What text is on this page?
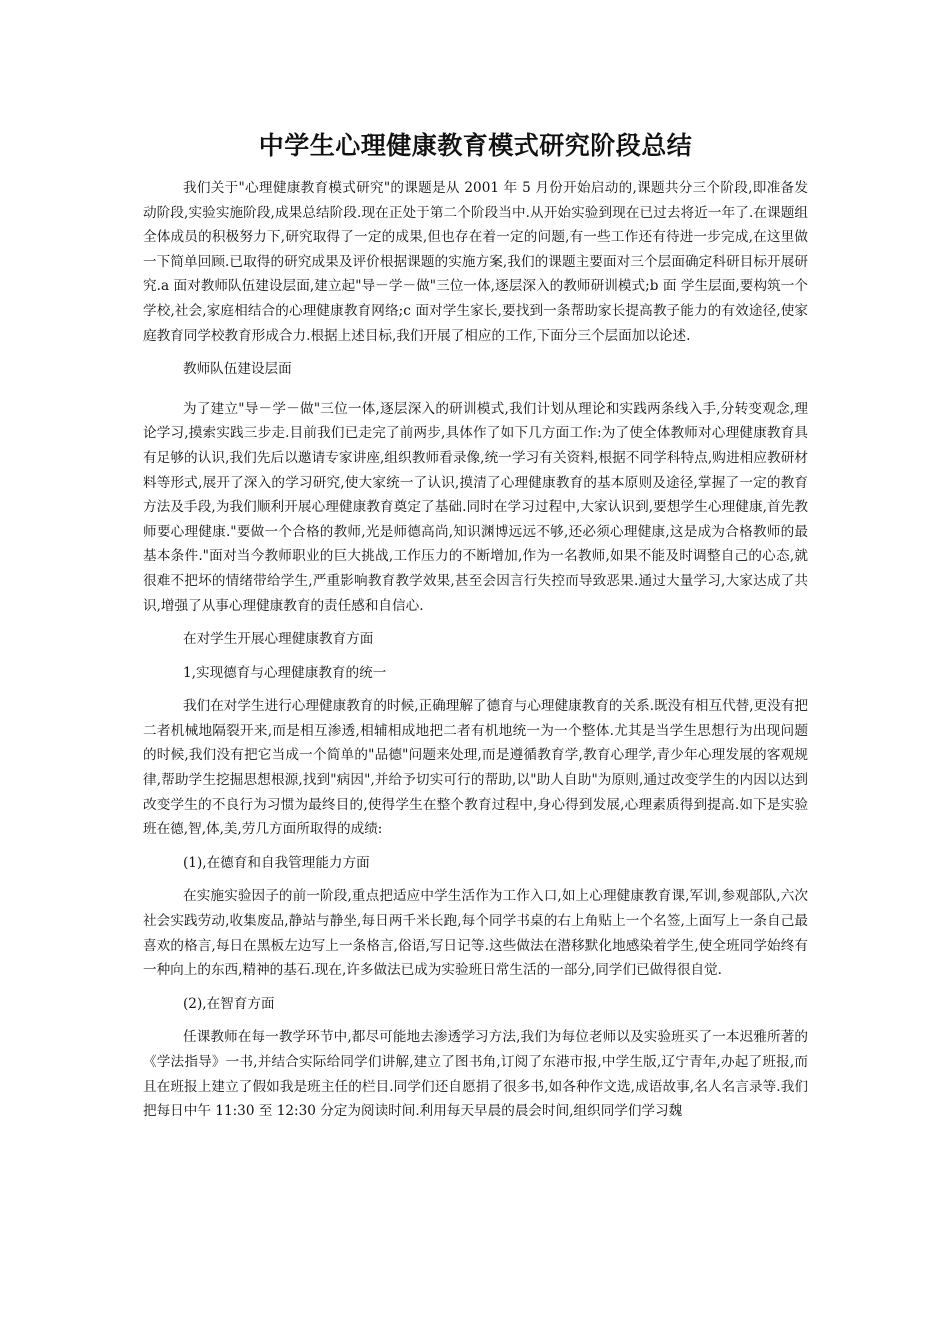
中学生心理健康教育模式研究阶段总结

我们关于"心理健康教育模式研究"的课题是从 2001 年 5 月份开始启动的,课题共分三个阶段,即准备发动阶段,实验实施阶段,成果总结阶段.现在正处于第二个阶段当中.从开始实验到现在已过去将近一年了.在课题组全体成员的积极努力下,研究取得了一定的成果,但也存在着一定的问题,有一些工作还有待进一步完成,在这里做一下简单回顾.已取得的研究成果及评价根据课题的实施方案,我们的课题主要面对三个层面确定科研目标开展研究.a 面对教师队伍建设层面,建立起"导－学－做"三位一体,逐层深入的教师研训模式;b 面 学生层面,要构筑一个学校,社会,家庭相结合的心理健康教育网络;c 面对学生家长,要找到一条帮助家长提高教子能力的有效途径,使家庭教育同学校教育形成合力.根据上述目标,我们开展了相应的工作,下面分三个层面加以论述.

教师队伍建设层面

为了建立"导－学－做"三位一体,逐层深入的研训模式,我们计划从理论和实践两条线入手,分转变观念,理论学习,摸索实践三步走.目前我们已走完了前两步,具体作了如下几方面工作:为了使全体教师对心理健康教育具有足够的认识,我们先后以邀请专家讲座,组织教师看录像,统一学习有关资料,根据不同学科特点,购进相应教研材料等形式,展开了深入的学习研究,使大家统一了认识,摸清了心理健康教育的基本原则及途径,掌握了一定的教育方法及手段,为我们顺利开展心理健康教育奠定了基础.同时在学习过程中,大家认识到,要想学生心理健康,首先教师要心理健康."要做一个合格的教师,光是师德高尚,知识渊博远远不够,还必须心理健康,这是成为合格教师的最基本条件."面对当今教师职业的巨大挑战,工作压力的不断增加,作为一名教师,如果不能及时调整自己的心态,就很难不把坏的情绪带给学生,严重影响教育教学效果,甚至会因言行失控而导致恶果.通过大量学习,大家达成了共识,增强了从事心理健康教育的责任感和自信心.

在对学生开展心理健康教育方面

1,实现德育与心理健康教育的统一

我们在对学生进行心理健康教育的时候,正确理解了德育与心理健康教育的关系.既没有相互代替,更没有把二者机械地隔裂开来,而是相互渗透,相辅相成地把二者有机地统一为一个整体.尤其是当学生思想行为出现问题的时候,我们没有把它当成一个简单的"品德"问题来处理,而是遵循教育学,教育心理学,青少年心理发展的客观规律,帮助学生挖掘思想根源,找到"病因",并给予切实可行的帮助,以"助人自助"为原则,通过改变学生的内因以达到改变学生的不良行为习惯为最终目的,使得学生在整个教育过程中,身心得到发展,心理素质得到提高.如下是实验班在德,智,体,美,劳几方面所取得的成绩:

(1),在德育和自我管理能力方面

在实施实验因子的前一阶段,重点把适应中学生活作为工作入口,如上心理健康教育课,军训,参观部队,六次社会实践劳动,收集废品,静站与静坐,每日两千米长跑,每个同学书桌的右上角贴上一个名签,上面写上一条自己最喜欢的格言,每日在黑板左边写上一条格言,俗语,写日记等.这些做法在潜移默化地感染着学生,使全班同学始终有一种向上的东西,精神的基石.现在,许多做法已成为实验班日常生活的一部分,同学们已做得很自觉.

(2),在智育方面

任课教师在每一教学环节中,都尽可能地去渗透学习方法,我们为每位老师以及实验班买了一本迟雅所著的《学法指导》一书,并结合实际给同学们讲解,建立了图书角,订阅了东港市报,中学生版,辽宁青年,办起了班报,而且在班报上建立了假如我是班主任的栏目.同学们还自愿捐了很多书,如各种作文选,成语故事,名人名言录等.我们把每日中午 11:30 至 12:30 分定为阅读时间.利用每天早晨的晨会时间,组织同学们学习魏
